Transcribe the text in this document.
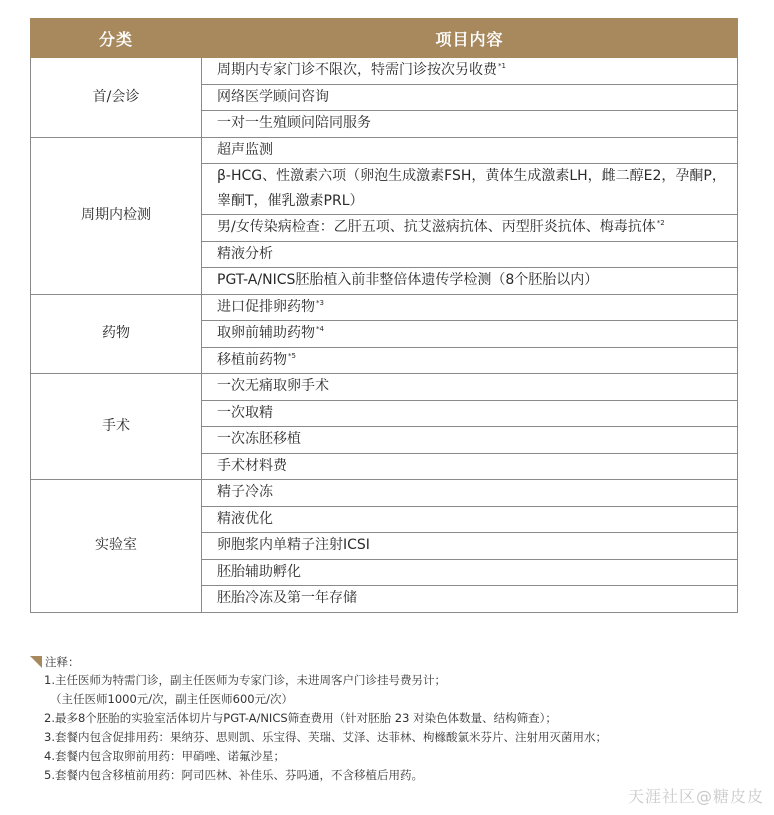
分类	项目内容
首/会诊	周期内专家门诊不限次，特需门诊按次另收费$^{*1}$
	网络医学顾问咨询
	一对一生殖顾问陪同服务
周期内检测	超声监测
	β-HCG、性激素六项（卵泡生成激素FSH，黄体生成激素LH，雌二醇E2，孕酮P，睾酮T，催乳激素PRL）
	男/女传染病检查：乙肝五项、抗艾滋病抗体、丙型肝炎抗体、梅毒抗体$^{*2}$
	精液分析
	PGT-A/NICS胚胎植入前非整倍体遗传学检测（8个胚胎以内）
药物	进口促排卵药物$^{*3}$
	取卵前辅助药物$^{*4}$
	移植前药物$^{*5}$
手术	一次无痛取卵手术
	一次取精
	一次冻胚移植
	手术材料费
实验室	精子冷冻
	精液优化
	卵胞浆内单精子注射ICSI
	胚胎辅助孵化
	胚胎冷冻及第一年存储
注释：
1.主任医师为特需门诊，副主任医师为专家门诊，未进周客户门诊挂号费另计；
（主任医师1000元/次，副主任医师600元/次）
2.最多8个胚胎的实验室活体切片与PGT-A/NICS筛查费用（针对胚胎 23 对染色体数量、结构筛查）；
3.套餐内包含促排用药：果纳芬、思则凯、乐宝得、芙瑞、艾泽、达菲林、枸橼酸氯米芬片、注射用灭菌用水；
4.套餐内包含取卵前用药：甲硝唑、诺氟沙星；
5.套餐内包含移植前用药：阿司匹林、补佳乐、芬吗通，不含移植后用药。
天涯社区@糖皮皮
